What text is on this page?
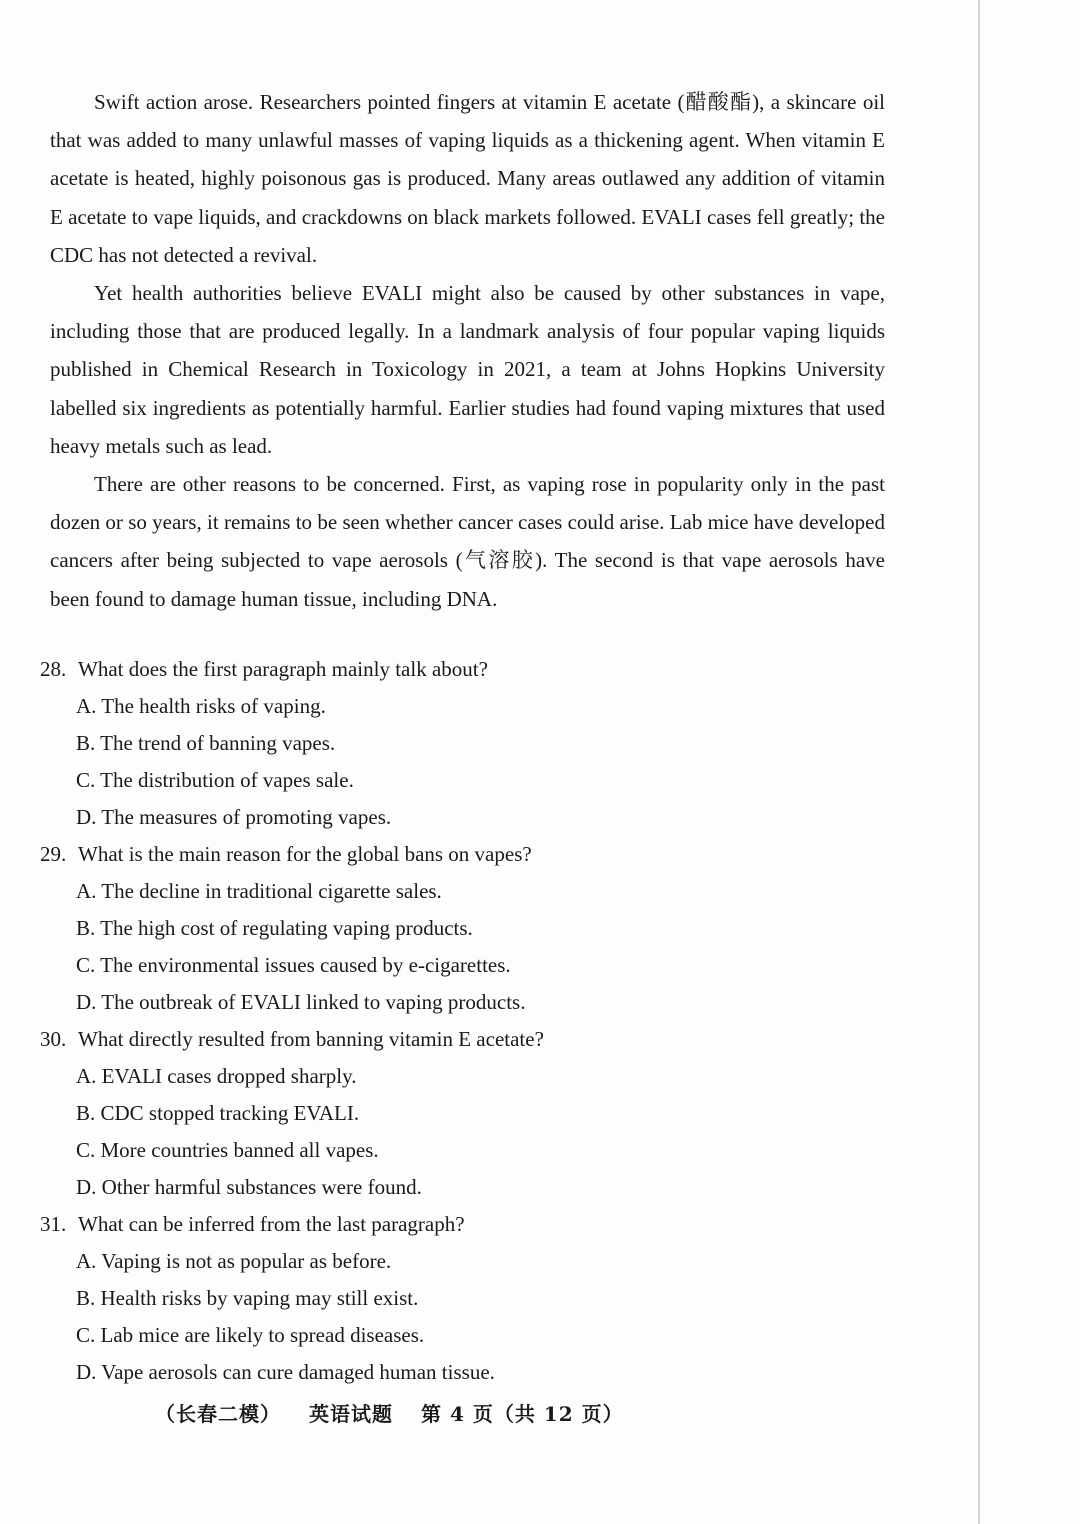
Swift action arose. Researchers pointed fingers at vitamin E acetate (醋酸酯), a skincare oil that was added to many unlawful masses of vaping liquids as a thickening agent. When vitamin E acetate is heated, highly poisonous gas is produced. Many areas outlawed any addition of vitamin E acetate to vape liquids, and crackdowns on black markets followed. EVALI cases fell greatly; the CDC has not detected a revival.

Yet health authorities believe EVALI might also be caused by other substances in vape, including those that are produced legally. In a landmark analysis of four popular vaping liquids published in Chemical Research in Toxicology in 2021, a team at Johns Hopkins University labelled six ingredients as potentially harmful. Earlier studies had found vaping mixtures that used heavy metals such as lead.

There are other reasons to be concerned. First, as vaping rose in popularity only in the past dozen or so years, it remains to be seen whether cancer cases could arise. Lab mice have developed cancers after being subjected to vape aerosols (气溶胶). The second is that vape aerosols have been found to damage human tissue, including DNA.

28. What does the first paragraph mainly talk about?

A. The health risks of vaping.

B. The trend of banning vapes.

C. The distribution of vapes sale.

D. The measures of promoting vapes.

29. What is the main reason for the global bans on vapes?

A. The decline in traditional cigarette sales.

B. The high cost of regulating vaping products.

C. The environmental issues caused by e-cigarettes.

D. The outbreak of EVALI linked to vaping products.

30. What directly resulted from banning vitamin E acetate?

A. EVALI cases dropped sharply.

B. CDC stopped tracking EVALI.

C. More countries banned all vapes.

D. Other harmful substances were found.

31. What can be inferred from the last paragraph?

A. Vaping is not as popular as before.

B. Health risks by vaping may still exist.

C. Lab mice are likely to spread diseases.

D. Vape aerosols can cure damaged human tissue.

（长春二模） 英语试题 第 4 页（共 12 页）
